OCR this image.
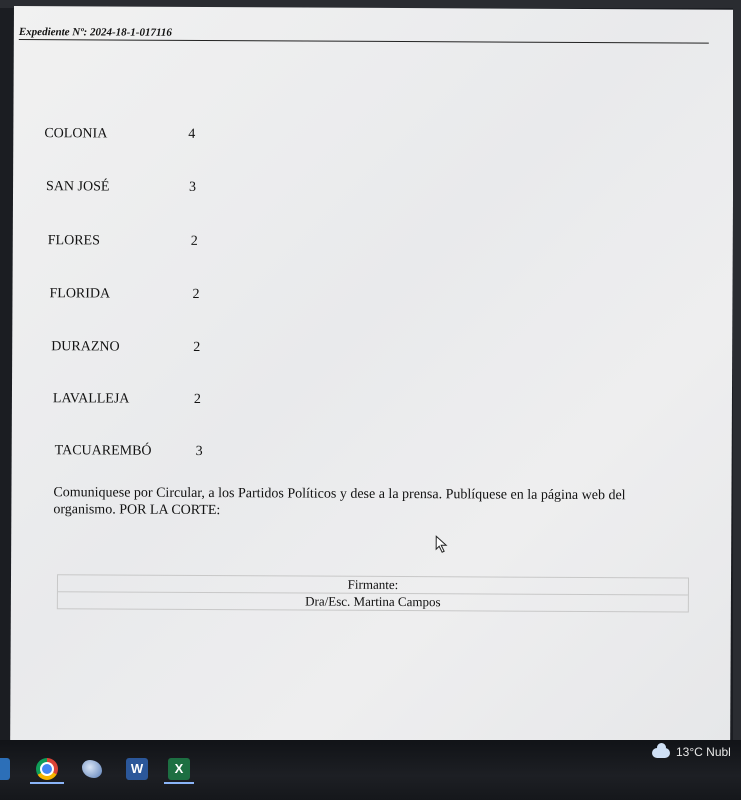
Expediente Nº: 2024-18-1-017116
COLONIA	4
SAN JOSÉ	3
FLORES	2
FLORIDA	2
DURAZNO	2
LAVALLEJA	2
TACUAREMBÓ	3
Comuniquese por Circular, a los Partidos Políticos y dese a la prensa. Publíquese en la página web del
organismo. POR LA CORTE:
Firmante:
Dra/Esc. Martina Campos
W	X
13°C Nubl
